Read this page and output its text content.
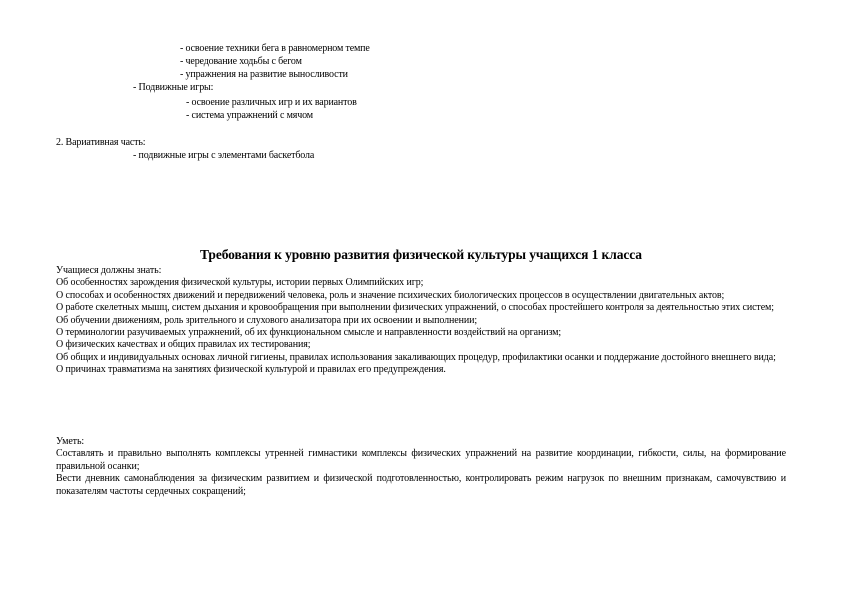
- освоение техники бега в равномерном темпе
- чередование ходьбы с бегом
- упражнения на развитие выносливости
- Подвижные игры:
- освоение различных игр и их вариантов
- система упражнений с мячом
2. Вариативная часть:
- подвижные игры с элементами баскетбола
Требования к уровню развития физической культуры учащихся 1 класса
Учащиеся должны знать:
Об особенностях зарождения физической культуры, истории первых Олимпийских игр;
О способах и особенностях движений и передвижений человека, роль и значение психических биологических процессов в осуществлении двигательных актов;
О работе скелетных мышц, систем дыхания и кровообращения при выполнении физических упражнений, о способах простейшего контроля за деятельностью этих систем;
Об обучении движениям, роль зрительного и слухового анализатора при их освоении и выполнении;
О терминологии разучиваемых упражнений, об их функциональном смысле и направленности воздействий на организм;
О физических качествах и общих правилах их тестирования;
Об общих и индивидуальных основах личной гигиены, правилах использования закаливающих процедур, профилактики осанки и поддержание достойного внешнего вида;
О причинах травматизма на занятиях физической культурой и правилах его предупреждения.
Уметь:
Составлять и правильно выполнять комплексы утренней гимнастики комплексы физических упражнений на развитие координации, гибкости, силы, на формирование правильной осанки;
Вести дневник самонаблюдения за физическим развитием и физической подготовленностью, контролировать режим нагрузок по внешним признакам, самочувствию и показателям частоты сердечных сокращений;
